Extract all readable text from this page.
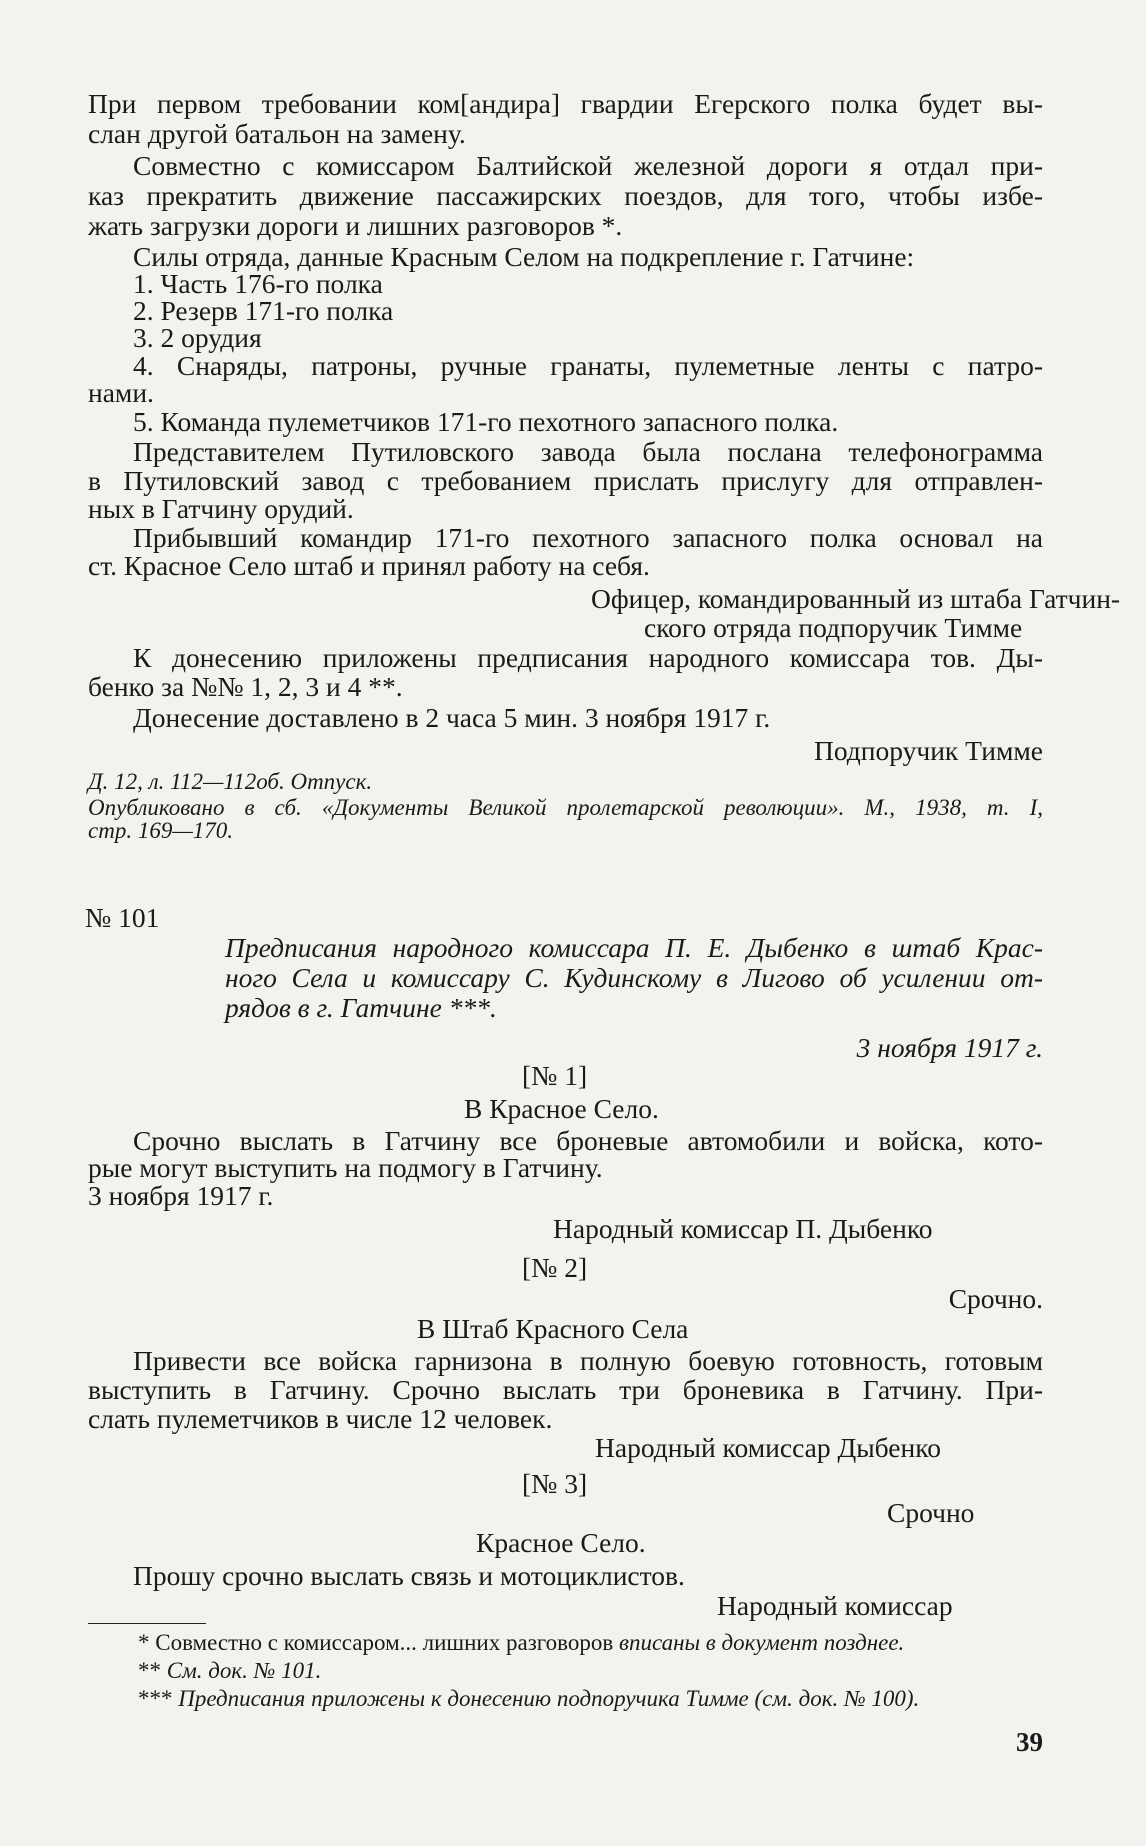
При первом требовании ком[андира] гвардии Егерского полка будет вы-
слан другой батальон на замену.
Совместно с комиссаром Балтийской железной дороги я отдал при-
каз прекратить движение пассажирских поездов, для того, чтобы избе-
жать загрузки дороги и лишних разговоров *.
Силы отряда, данные Красным Селом на подкрепление г. Гатчине:
1. Часть 176-го полка
2. Резерв 171-го полка
3. 2 орудия
4. Снаряды, патроны, ручные гранаты, пулеметные ленты с патро-
нами.
5. Команда пулеметчиков 171-го пехотного запасного полка.
Представителем Путиловского завода была послана телефонограмма
в Путиловский завод с требованием прислать прислугу для отправлен-
ных в Гатчину орудий.
Прибывший командир 171-го пехотного запасного полка основал на
ст. Красное Село штаб и принял работу на себя.
Офицер, командированный из штаба Гатчин-
ского отряда подпоручик Тимме
К донесению приложены предписания народного комиссара тов. Ды-
бенко за №№ 1, 2, 3 и 4 **.
Донесение доставлено в 2 часа 5 мин. 3 ноября 1917 г.
Подпоручик Тимме
Д. 12, л. 112—112об. Отпуск.
Опубликовано в сб. «Документы Великой пролетарской революции». М., 1938, т. I,
стр. 169—170.
№ 101
Предписания народного комиссара П. Е. Дыбенко в штаб Крас-
ного Села и комиссару С. Кудинскому в Лигово об усилении от-
рядов в г. Гатчине ***.
3 ноября 1917 г.
[№ 1]
В Красное Село.
Срочно выслать в Гатчину все броневые автомобили и войска, кото-
рые могут выступить на подмогу в Гатчину.
3 ноября 1917 г.
Народный комиссар П. Дыбенко
[№ 2]
Срочно.
В Штаб Красного Села
Привести все войска гарнизона в полную боевую готовность, готовым
выступить в Гатчину. Срочно выслать три броневика в Гатчину. При-
слать пулеметчиков в числе 12 человек.
Народный комиссар Дыбенко
[№ 3]
Срочно
Красное Село.
Прошу срочно выслать связь и мотоциклистов.
Народный комиссар
* Совместно с комиссаром... лишних разговоров вписаны в документ позднее.
** См. док. № 101.
*** Предписания приложены к донесению подпоручика Тимме (см. док. № 100).
39
